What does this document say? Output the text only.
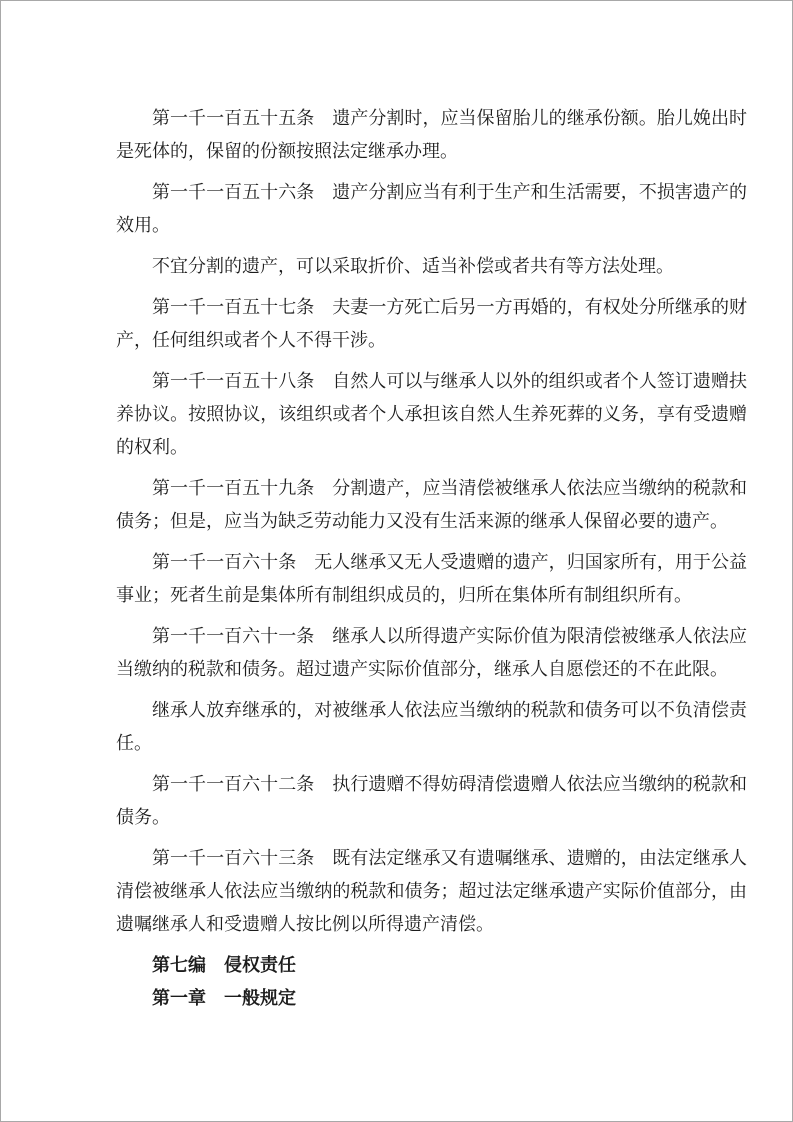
第一千一百五十五条　遗产分割时，应当保留胎儿的继承份额。胎儿娩出时是死体的，保留的份额按照法定继承办理。

第一千一百五十六条　遗产分割应当有利于生产和生活需要，不损害遗产的效用。

不宜分割的遗产，可以采取折价、适当补偿或者共有等方法处理。

第一千一百五十七条　夫妻一方死亡后另一方再婚的，有权处分所继承的财产，任何组织或者个人不得干涉。

第一千一百五十八条　自然人可以与继承人以外的组织或者个人签订遗赠扶养协议。按照协议，该组织或者个人承担该自然人生养死葬的义务，享有受遗赠的权利。

第一千一百五十九条　分割遗产，应当清偿被继承人依法应当缴纳的税款和债务；但是，应当为缺乏劳动能力又没有生活来源的继承人保留必要的遗产。

第一千一百六十条　无人继承又无人受遗赠的遗产，归国家所有，用于公益事业；死者生前是集体所有制组织成员的，归所在集体所有制组织所有。

第一千一百六十一条　继承人以所得遗产实际价值为限清偿被继承人依法应当缴纳的税款和债务。超过遗产实际价值部分，继承人自愿偿还的不在此限。

继承人放弃继承的，对被继承人依法应当缴纳的税款和债务可以不负清偿责任。

第一千一百六十二条　执行遗赠不得妨碍清偿遗赠人依法应当缴纳的税款和债务。

第一千一百六十三条　既有法定继承又有遗嘱继承、遗赠的，由法定继承人清偿被继承人依法应当缴纳的税款和债务；超过法定继承遗产实际价值部分，由遗嘱继承人和受遗赠人按比例以所得遗产清偿。

第七编　侵权责任

第一章　一般规定
